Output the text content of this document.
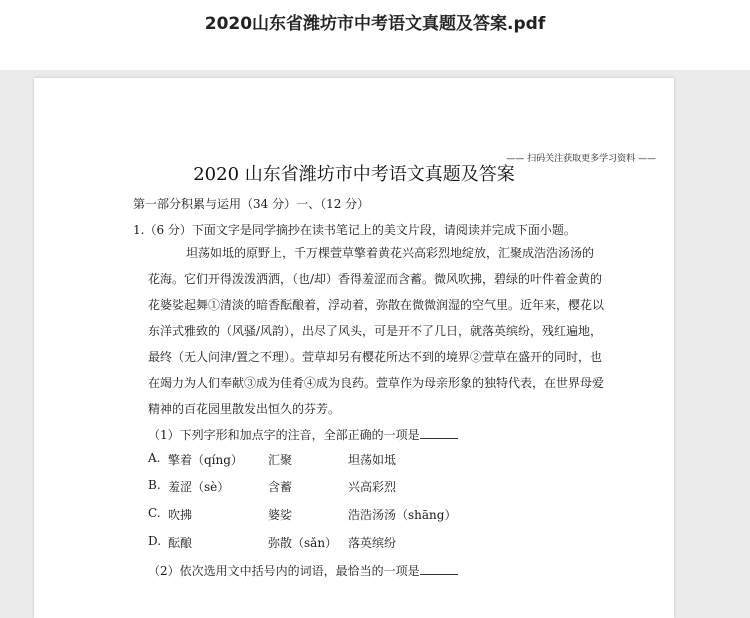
2020山东省潍坊市中考语文真题及答案.pdf
—— 扫码关注获取更多学习资料 ——
2020 山东省潍坊市中考语文真题及答案
第一部分积累与运用（34 分）一、（12 分）
1.（6 分）下面文字是同学摘抄在读书笔记上的美文片段，请阅读并完成下面小题。
坦荡如坻的原野上，千万棵萱草擎着黄花兴高彩烈地绽放，汇聚成浩浩汤汤的
花海。它们开得泼泼洒洒，（也/却）香得羞涩而含蓄。微风吹拂，碧绿的叶件着金黄的
花婆娑起舞①清淡的暗香酝酿着，浮动着，弥散在微微润湿的空气里。近年来，樱花以
东洋式雅致的（风骚/风韵），出尽了风头，可是开不了几日，就落英缤纷，残红遍地，
最终（无人问津/置之不理）。萱草却另有樱花所达不到的境界②萱草在盛开的同时，也
在竭力为人们奉献③成为佳肴④成为良药。萱草作为母亲形象的独特代表，在世界母爱
精神的百花园里散发出恒久的芬芳。
（1）下列字形和加点字的注音，全部正确的一项是
A. 擎着（qíng） 汇聚	坦荡如坻
B. 羞涩（sè）	含蓄	兴高彩烈
C. 吹拂	婆娑	浩浩汤汤（shāng）
D. 酝酿	弥散（sǎn） 落英缤纷
（2）依次选用文中括号内的词语，最恰当的一项是
